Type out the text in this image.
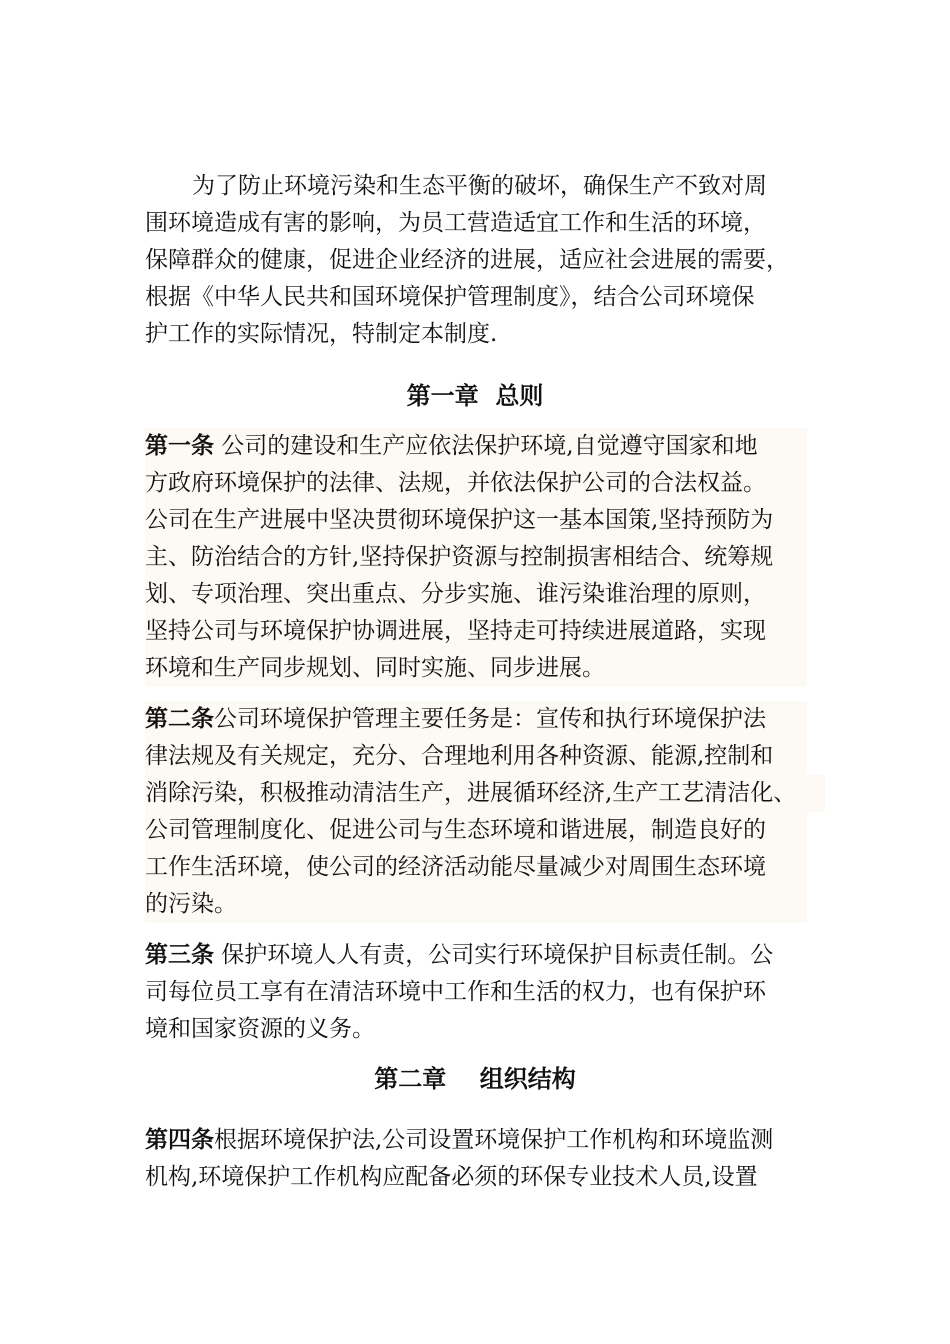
为了防止环境污染和生态平衡的破坏，确保生产不致对周
围环境造成有害的影响，为员工营造适宜工作和生活的环境，
保障群众的健康，促进企业经济的进展，适应社会进展的需要，
根据《中华人民共和国环境保护管理制度》，结合公司环境保
护工作的实际情况，特制定本制度.
第一章  总则
第一条 公司的建设和生产应依法保护环境,自觉遵守国家和地
方政府环境保护的法律、法规，并依法保护公司的合法权益。
公司在生产进展中坚决贯彻环境保护这一基本国策,坚持预防为
主、防治结合的方针,坚持保护资源与控制损害相结合、统筹规
划、专项治理、突出重点、分步实施、谁污染谁治理的原则，
坚持公司与环境保护协调进展，坚持走可持续进展道路，实现
环境和生产同步规划、同时实施、同步进展。
第二条公司环境保护管理主要任务是：宣传和执行环境保护法
律法规及有关规定，充分、合理地利用各种资源、能源,控制和
消除污染，积极推动清洁生产，进展循环经济,生产工艺清洁化、
公司管理制度化、促进公司与生态环境和谐进展，制造良好的
工作生活环境，使公司的经济活动能尽量减少对周围生态环境
的污染。
第三条 保护环境人人有责，公司实行环境保护目标责任制。公
司每位员工享有在清洁环境中工作和生活的权力，也有保护环
境和国家资源的义务。
第二章    组织结构
第四条根据环境保护法,公司设置环境保护工作机构和环境监测
机构,环境保护工作机构应配备必须的环保专业技术人员,设置
